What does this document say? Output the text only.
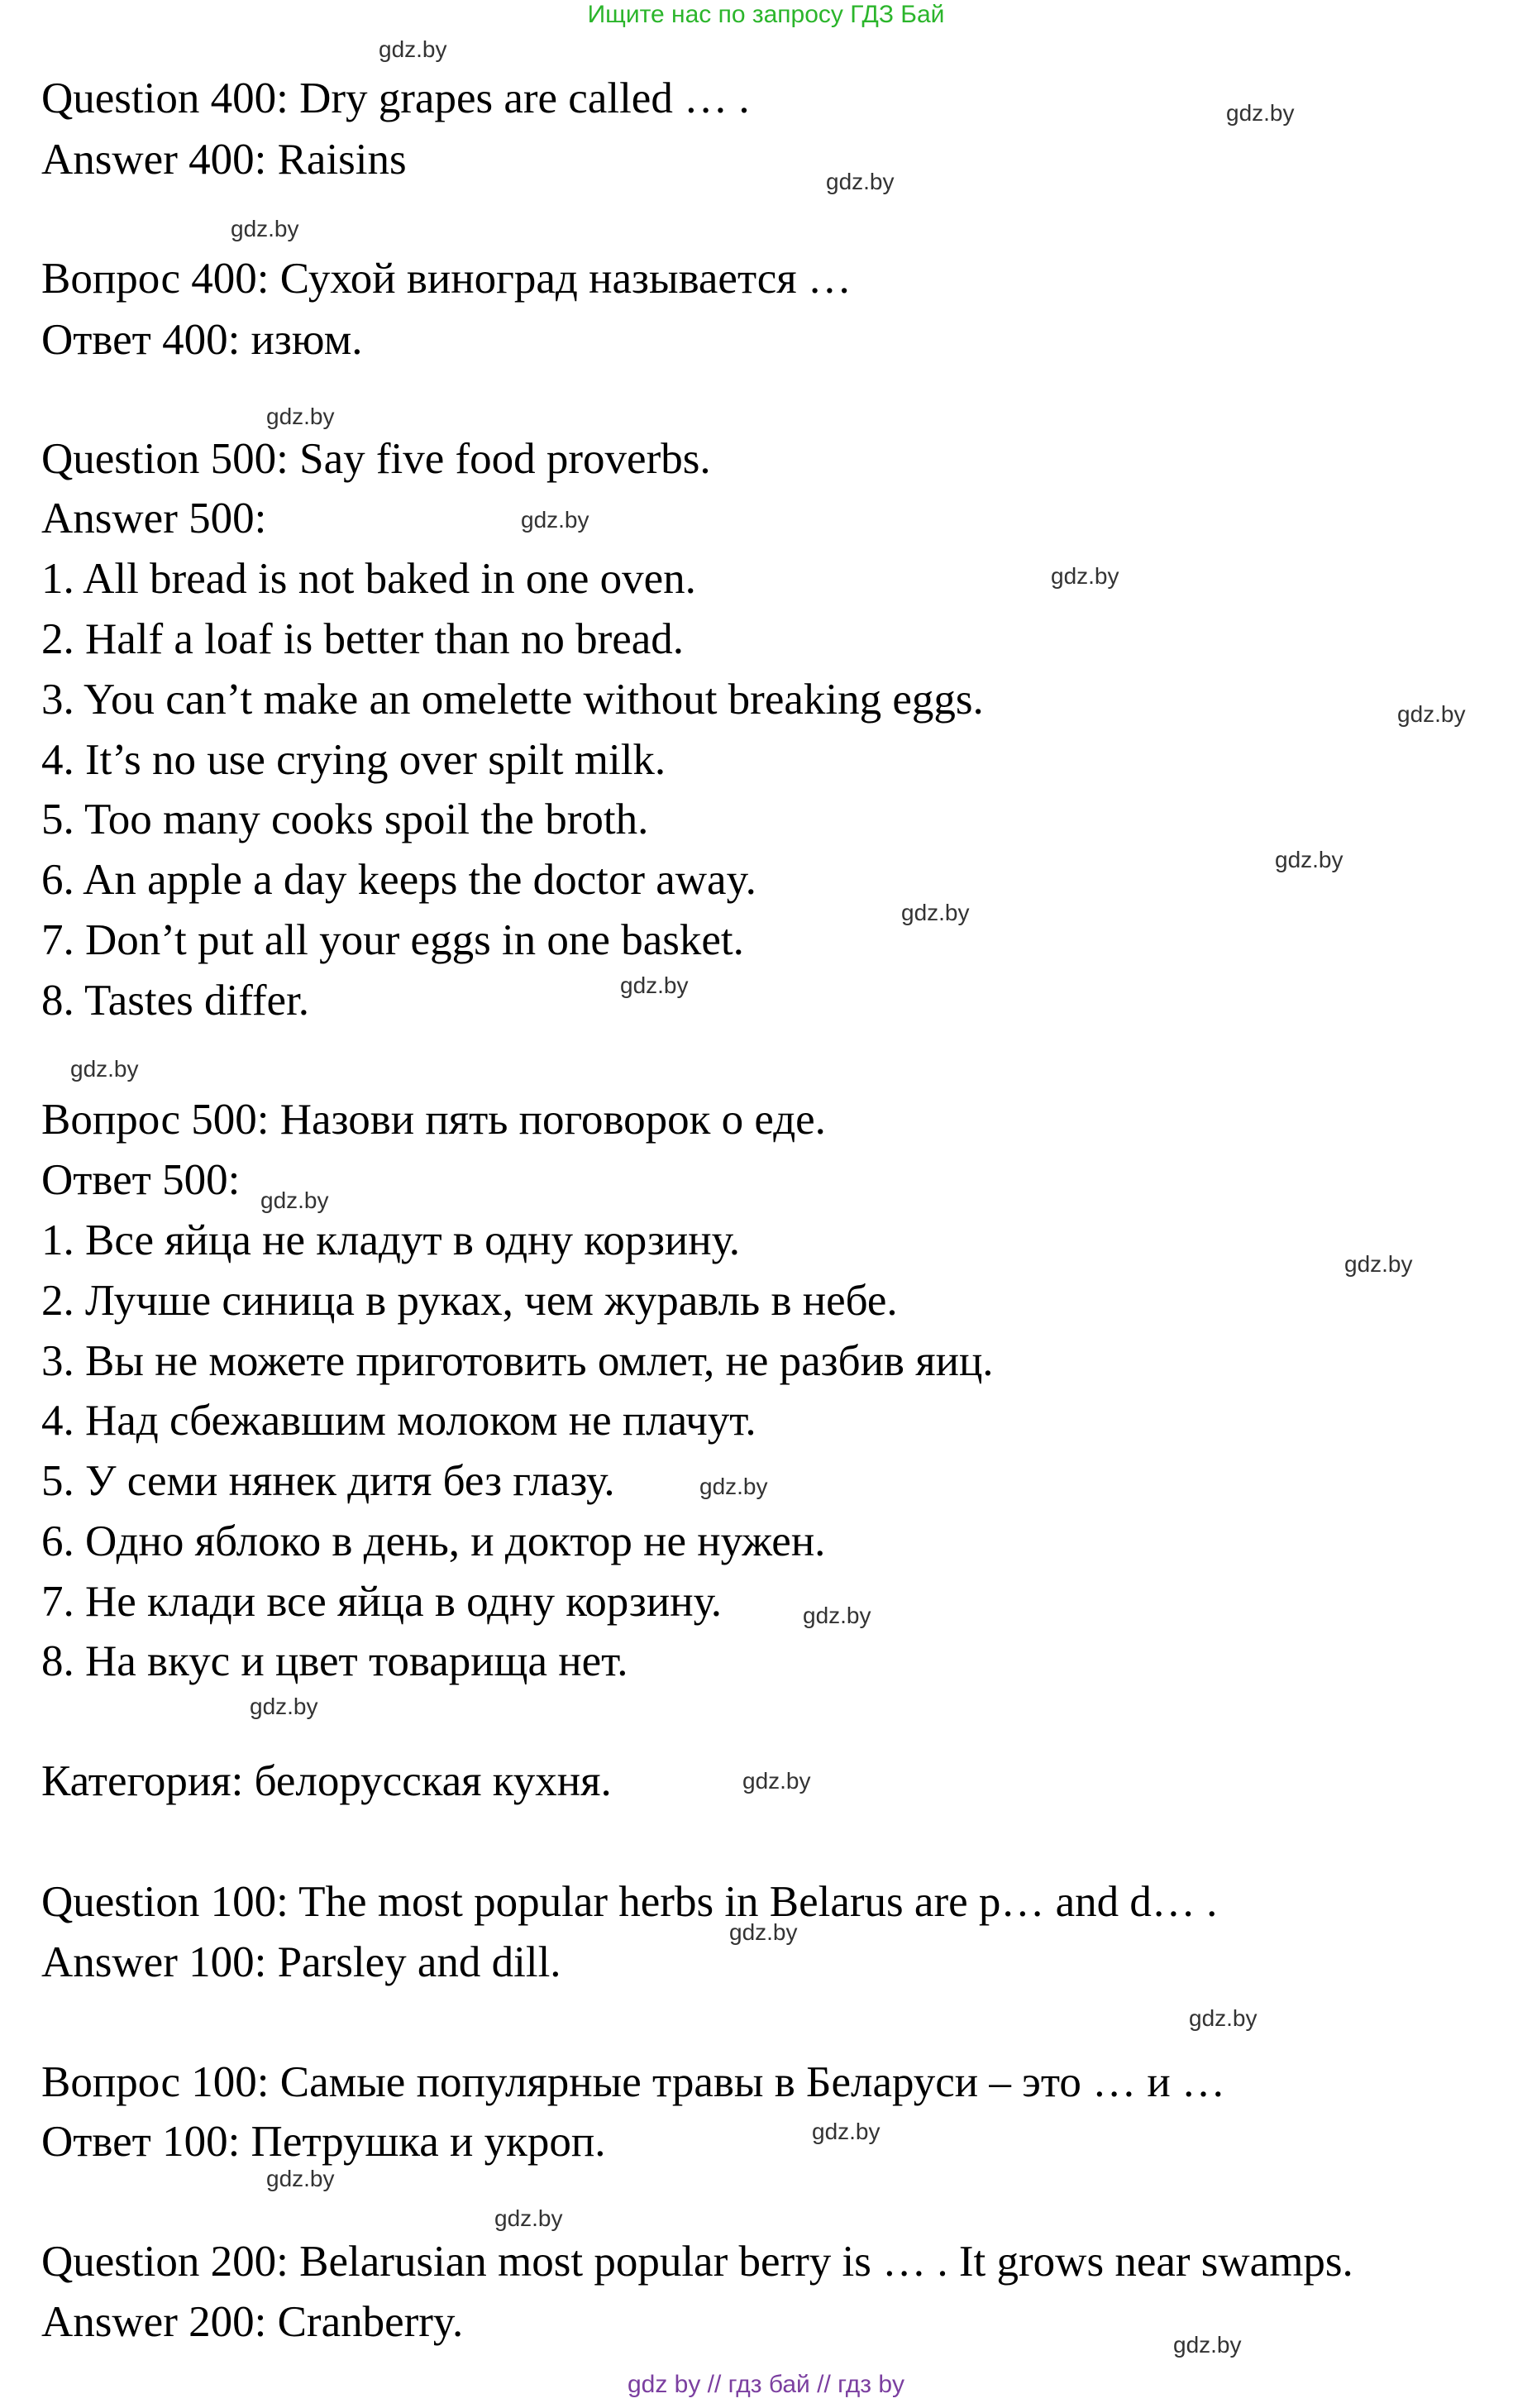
Ищите нас по запросу ГДЗ Бай
Question 400: Dry grapes are called … .
Answer 400: Raisins
Вопрос 400: Сухой виноград называется …
Ответ 400: изюм.
Question 500: Say five food proverbs.
Answer 500:
1. All bread is not baked in one oven.
2. Half a loaf is better than no bread.
3. You can’t make an omelette without breaking eggs.
4. It’s no use crying over spilt milk.
5. Too many cooks spoil the broth.
6. An apple a day keeps the doctor away.
7. Don’t put all your eggs in one basket.
8. Tastes differ.
Вопрос 500: Назови пять поговорок о еде.
Ответ 500:
1. Все яйца не кладут в одну корзину.
2. Лучше синица в руках, чем журавль в небе.
3. Вы не можете приготовить омлет, не разбив яиц.
4. Над сбежавшим молоком не плачут.
5. У семи нянек дитя без глазу.
6. Одно яблоко в день, и доктор не нужен.
7. Не клади все яйца в одну корзину.
8. На вкус и цвет товарища нет.
Категория: белорусская кухня.
Question 100: The most popular herbs in Belarus are p… and d… .
Answer 100: Parsley and dill.
Вопрос 100: Самые популярные травы в Беларуси – это … и …
Ответ 100: Петрушка и укроп.
Question 200: Belarusian most popular berry is … . It grows near swamps.
Answer 200: Cranberry.
gdz.by
gdz.by
gdz.by
gdz.by
gdz.by
gdz.by
gdz.by
gdz.by
gdz.by
gdz.by
gdz.by
gdz.by
gdz.by
gdz.by
gdz.by
gdz.by
gdz.by
gdz.by
gdz.by
gdz.by
gdz.by
gdz.by
gdz.by
gdz.by
gdz by // гдз бай // гдз by
